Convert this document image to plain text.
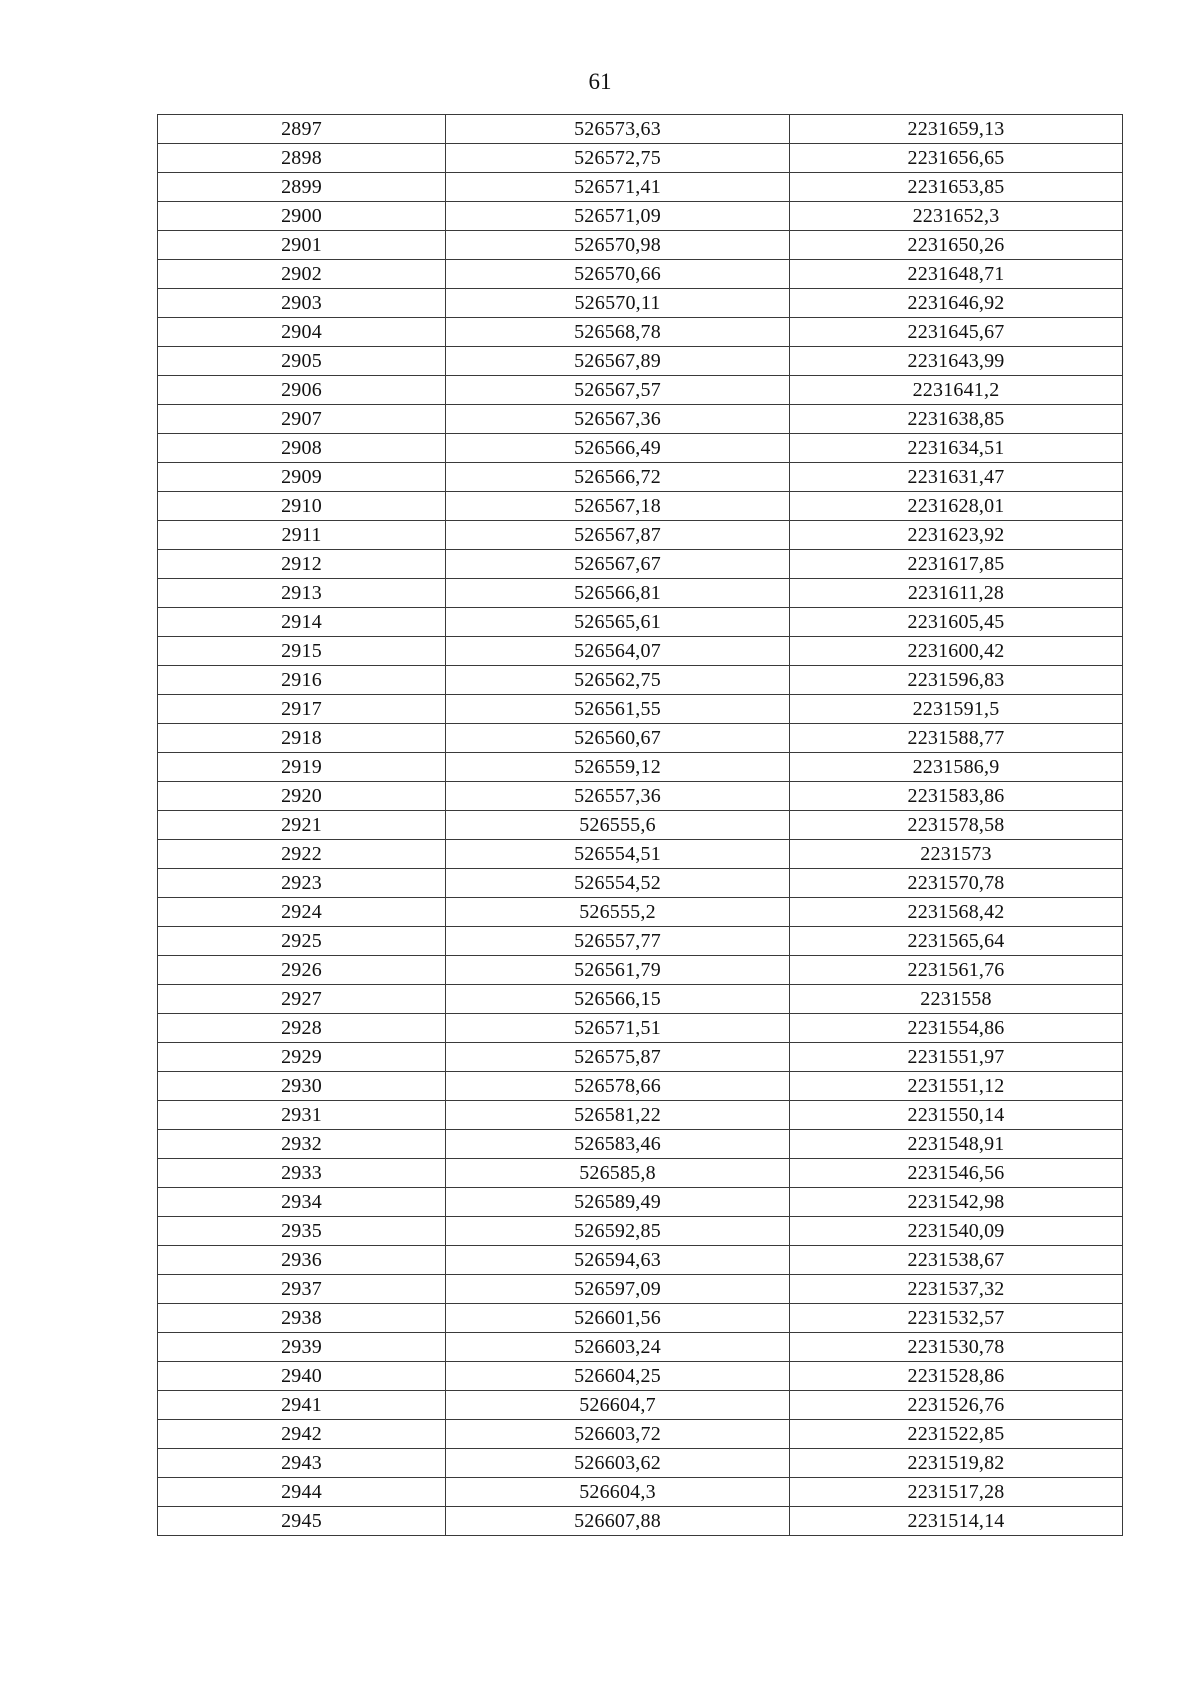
61
2897	526573,63	2231659,13
2898	526572,75	2231656,65
2899	526571,41	2231653,85
2900	526571,09	2231652,3
2901	526570,98	2231650,26
2902	526570,66	2231648,71
2903	526570,11	2231646,92
2904	526568,78	2231645,67
2905	526567,89	2231643,99
2906	526567,57	2231641,2
2907	526567,36	2231638,85
2908	526566,49	2231634,51
2909	526566,72	2231631,47
2910	526567,18	2231628,01
2911	526567,87	2231623,92
2912	526567,67	2231617,85
2913	526566,81	2231611,28
2914	526565,61	2231605,45
2915	526564,07	2231600,42
2916	526562,75	2231596,83
2917	526561,55	2231591,5
2918	526560,67	2231588,77
2919	526559,12	2231586,9
2920	526557,36	2231583,86
2921	526555,6	2231578,58
2922	526554,51	2231573
2923	526554,52	2231570,78
2924	526555,2	2231568,42
2925	526557,77	2231565,64
2926	526561,79	2231561,76
2927	526566,15	2231558
2928	526571,51	2231554,86
2929	526575,87	2231551,97
2930	526578,66	2231551,12
2931	526581,22	2231550,14
2932	526583,46	2231548,91
2933	526585,8	2231546,56
2934	526589,49	2231542,98
2935	526592,85	2231540,09
2936	526594,63	2231538,67
2937	526597,09	2231537,32
2938	526601,56	2231532,57
2939	526603,24	2231530,78
2940	526604,25	2231528,86
2941	526604,7	2231526,76
2942	526603,72	2231522,85
2943	526603,62	2231519,82
2944	526604,3	2231517,28
2945	526607,88	2231514,14
